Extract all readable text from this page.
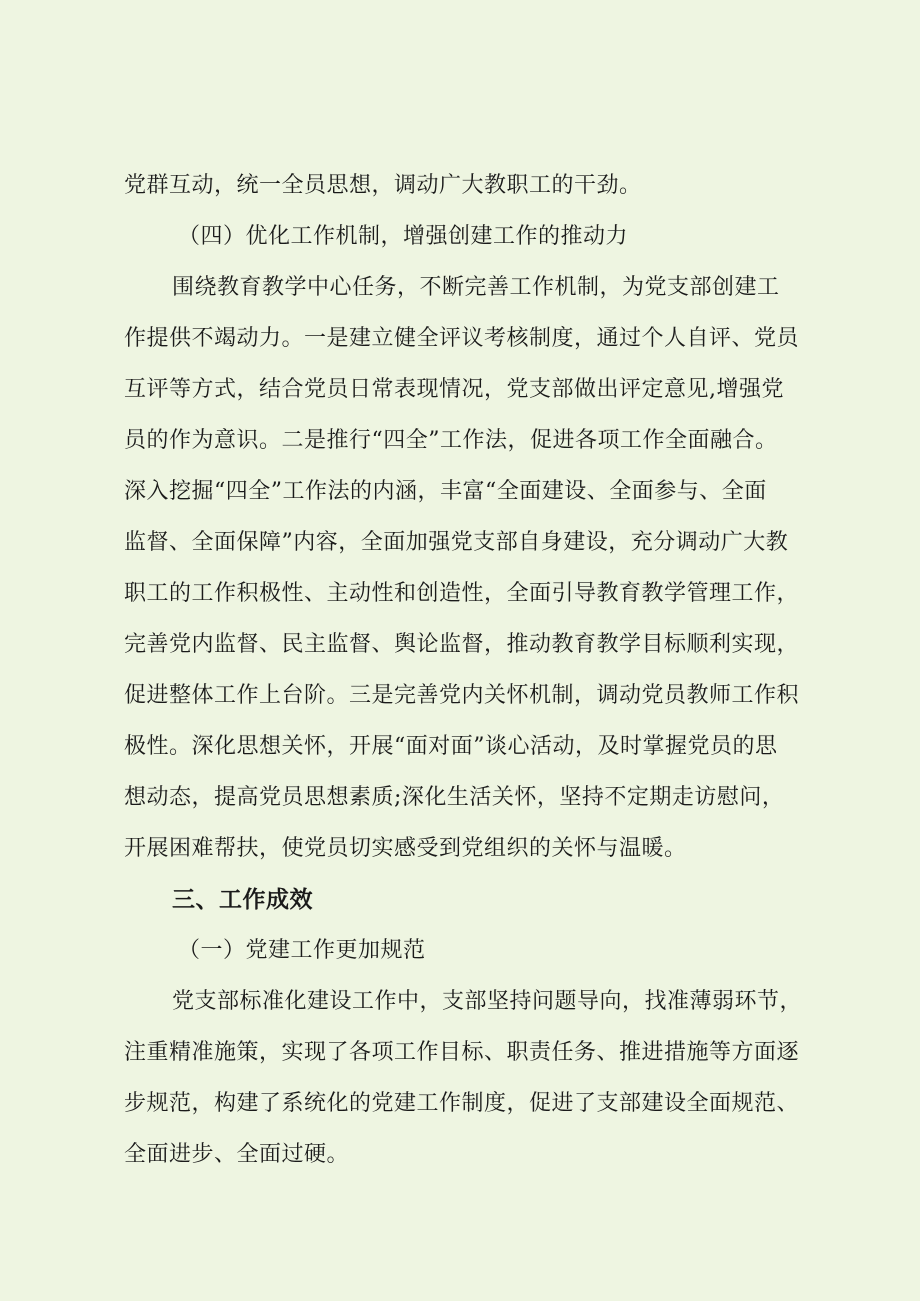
党群互动，统一全员思想，调动广大教职工的干劲。
（四）优化工作机制，增强创建工作的推动力
围绕教育教学中心任务，不断完善工作机制，为党支部创建工
作提供不竭动力。一是建立健全评议考核制度，通过个人自评、党员
互评等方式，结合党员日常表现情况，党支部做出评定意见,增强党
员的作为意识。二是推行“四全”工作法，促进各项工作全面融合。
深入挖掘“四全”工作法的内涵，丰富“全面建设、全面参与、全面
监督、全面保障”内容，全面加强党支部自身建设，充分调动广大教
职工的工作积极性、主动性和创造性，全面引导教育教学管理工作，
完善党内监督、民主监督、舆论监督，推动教育教学目标顺利实现，
促进整体工作上台阶。三是完善党内关怀机制，调动党员教师工作积
极性。深化思想关怀，开展“面对面”谈心活动，及时掌握党员的思
想动态，提高党员思想素质;深化生活关怀，坚持不定期走访慰问，
开展困难帮扶，使党员切实感受到党组织的关怀与温暖。
三、工作成效
（一）党建工作更加规范
党支部标准化建设工作中，支部坚持问题导向，找准薄弱环节，
注重精准施策，实现了各项工作目标、职责任务、推进措施等方面逐
步规范，构建了系统化的党建工作制度，促进了支部建设全面规范、
全面进步、全面过硬。
